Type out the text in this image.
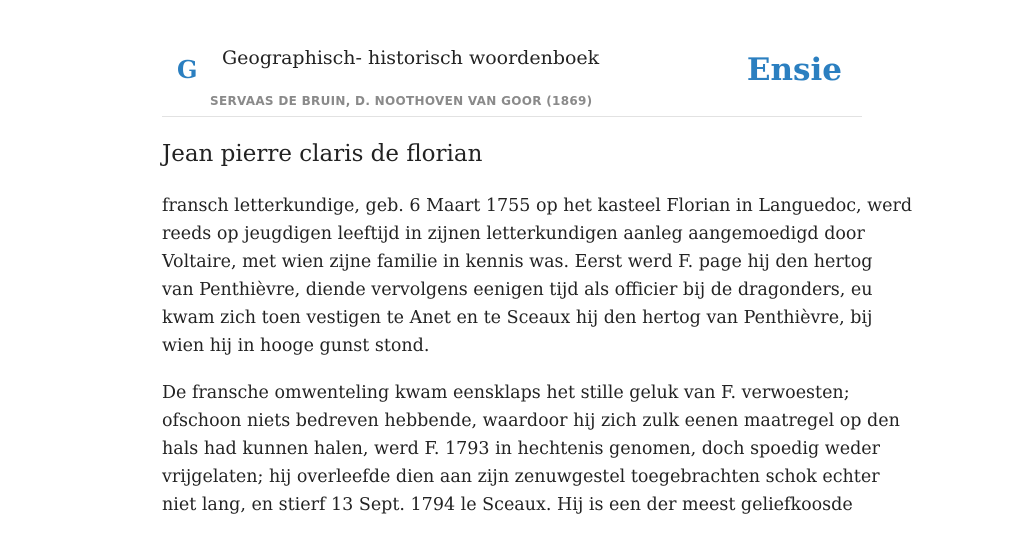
G Geographisch- historisch woordenboek
SERVAAS DE BRUIN, D. NOOTHOVEN VAN GOOR (1869)
Ensie
Jean pierre claris de florian

fransch letterkundige, geb. 6 Maart 1755 op het kasteel Florian in Languedoc, werd
reeds op jeugdigen leeftijd in zijnen letterkundigen aanleg aangemoedigd door
Voltaire, met wien zijne familie in kennis was. Eerst werd F. page hij den hertog
van Penthièvre, diende vervolgens eenigen tijd als officier bij de dragonders, eu
kwam zich toen vestigen te Anet en te Sceaux hij den hertog van Penthièvre, bij
wien hij in hooge gunst stond.

De fransche omwenteling kwam eensklaps het stille geluk van F. verwoesten;
ofschoon niets bedreven hebbende, waardoor hij zich zulk eenen maatregel op den
hals had kunnen halen, werd F. 1793 in hechtenis genomen, doch spoedig weder
vrijgelaten; hij overleefde dien aan zijn zenuwgestel toegebrachten schok echter
niet lang, en stierf 13 Sept. 1794 le Sceaux. Hij is een der meest geliefkoosde
